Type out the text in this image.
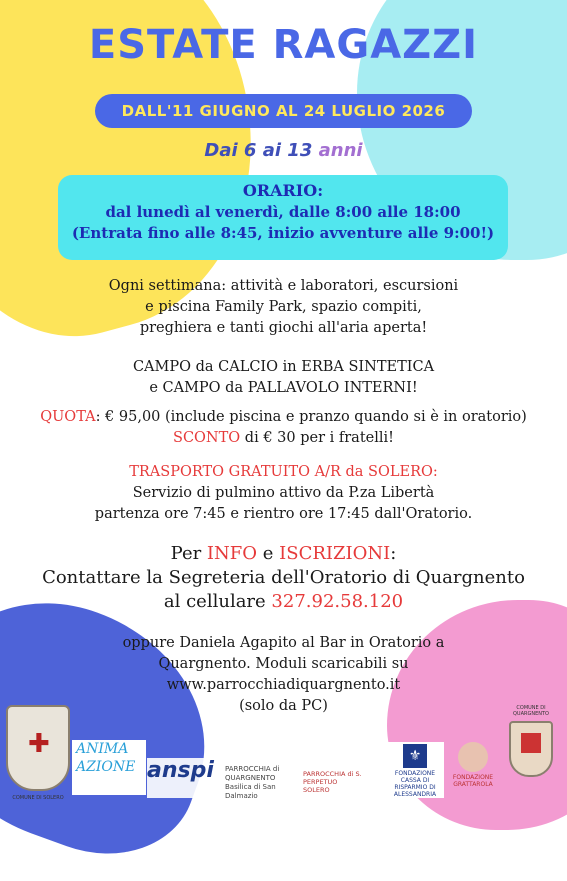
ESTATE RAGAZZI
DALL'11 GIUGNO AL 24 LUGLIO 2026
Dai 6 ai 13 anni
ORARIO:
dal lunedì al venerdì, dalle 8:00 alle 18:00
(Entrata fino alle 8:45, inizio avventure alle 9:00!)
Ogni settimana: attività e laboratori, escursioni
e piscina Family Park, spazio compiti,
preghiera e tanti giochi all'aria aperta!
CAMPO da CALCIO in ERBA SINTETICA
e CAMPO da PALLAVOLO INTERNI!
QUOTA: € 95,00 (include piscina e pranzo quando si è in oratorio)
SCONTO di € 30 per i fratelli!
TRASPORTO GRATUITO A/R da SOLERO:
Servizio di pulmino attivo da P.za Libertà
partenza ore 7:45 e rientro ore 17:45 dall'Oratorio.
Per INFO e ISCRIZIONI:
Contattare la Segreteria dell'Oratorio di Quargnento
al cellulare 327.92.58.120
oppure Daniela Agapito al Bar in Oratorio a
Quargnento. Moduli scaricabili su
www.parrocchiadiquargnento.it
(solo da PC)
✚
COMUNE DI SOLERO
ANIMA
AZIONE anspi	PARROCCHIA di QUARGNENTO
Basilica di San Dalmazio
PARROCCHIA di S. PERPETUO
SOLERO
⚜
FONDAZIONE CASSA DI RISPARMIO DI ALESSANDRIA
FONDAZIONE GRATTAROLA
COMUNE DI QUARGNENTO
